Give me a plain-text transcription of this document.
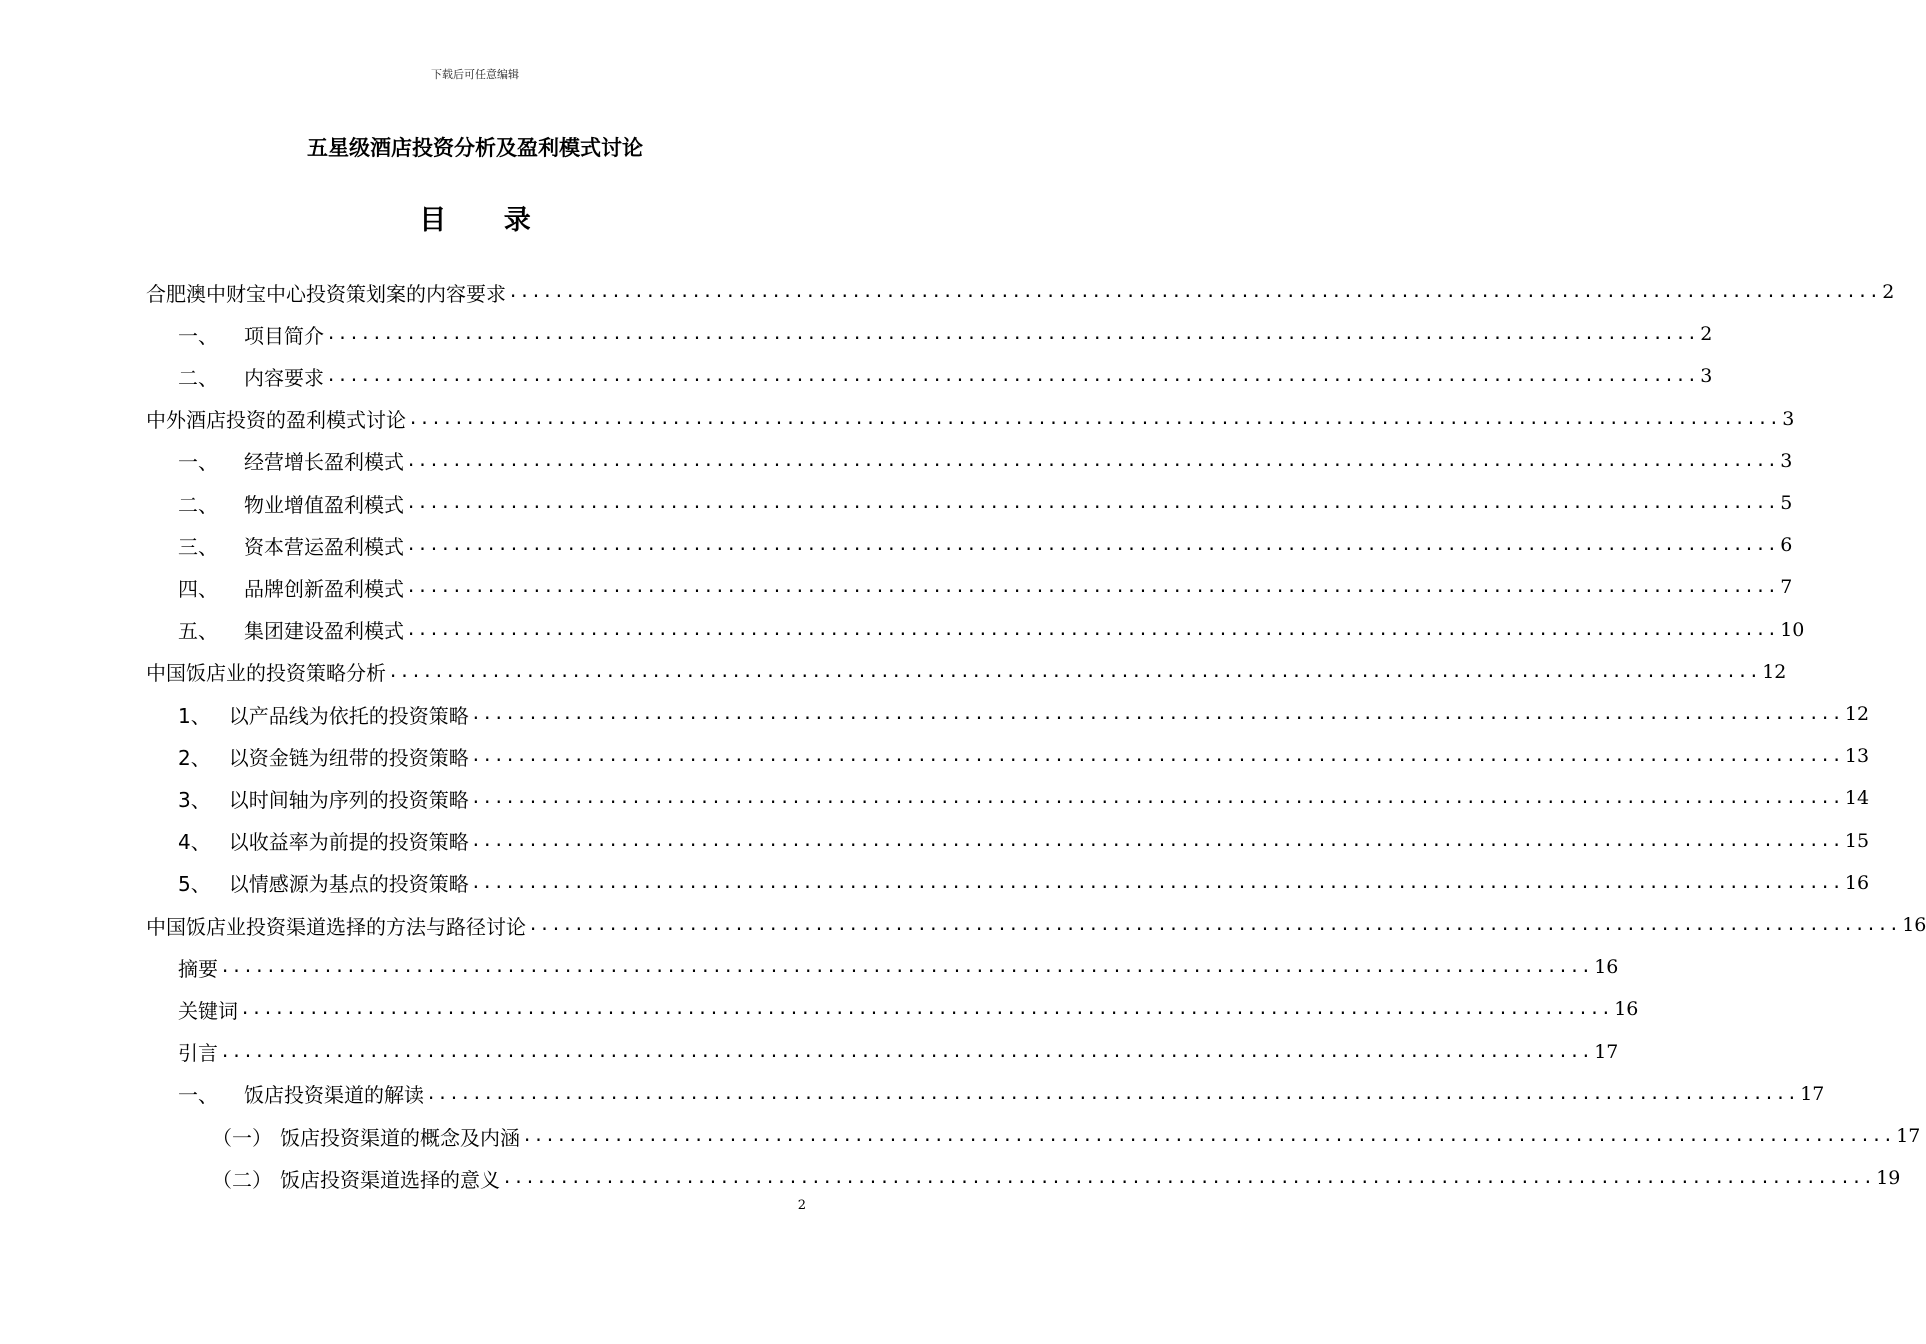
下载后可任意编辑
五星级酒店投资分析及盈利模式讨论
目 录
合肥澳中财宝中心投资策划案的内容要求 ........................................................................................................................ 2
一、 项目简介 ........................................................................................................................ 2
二、 内容要求 ........................................................................................................................ 3
中外酒店投资的盈利模式讨论 ........................................................................................................................ 3
一、 经营增长盈利模式 ........................................................................................................................ 3
二、 物业增值盈利模式 ........................................................................................................................ 5
三、 资本营运盈利模式 ........................................................................................................................ 6
四、 品牌创新盈利模式 ........................................................................................................................ 7
五、 集团建设盈利模式 ........................................................................................................................ 10
中国饭店业的投资策略分析 ........................................................................................................................ 12
1、 以产品线为依托的投资策略 ........................................................................................................................ 12
2、 以资金链为纽带的投资策略 ........................................................................................................................ 13
3、 以时间轴为序列的投资策略 ........................................................................................................................ 14
4、 以收益率为前提的投资策略 ........................................................................................................................ 15
5、 以情感源为基点的投资策略 ........................................................................................................................ 16
中国饭店业投资渠道选择的方法与路径讨论 ........................................................................................................................ 16
摘要 ........................................................................................................................ 16
关键词 ........................................................................................................................ 16
引言 ........................................................................................................................ 17
一、 饭店投资渠道的解读 ........................................................................................................................ 17
（一） 饭店投资渠道的概念及内涵 ........................................................................................................................ 17
（二） 饭店投资渠道选择的意义 ........................................................................................................................ 19
2
